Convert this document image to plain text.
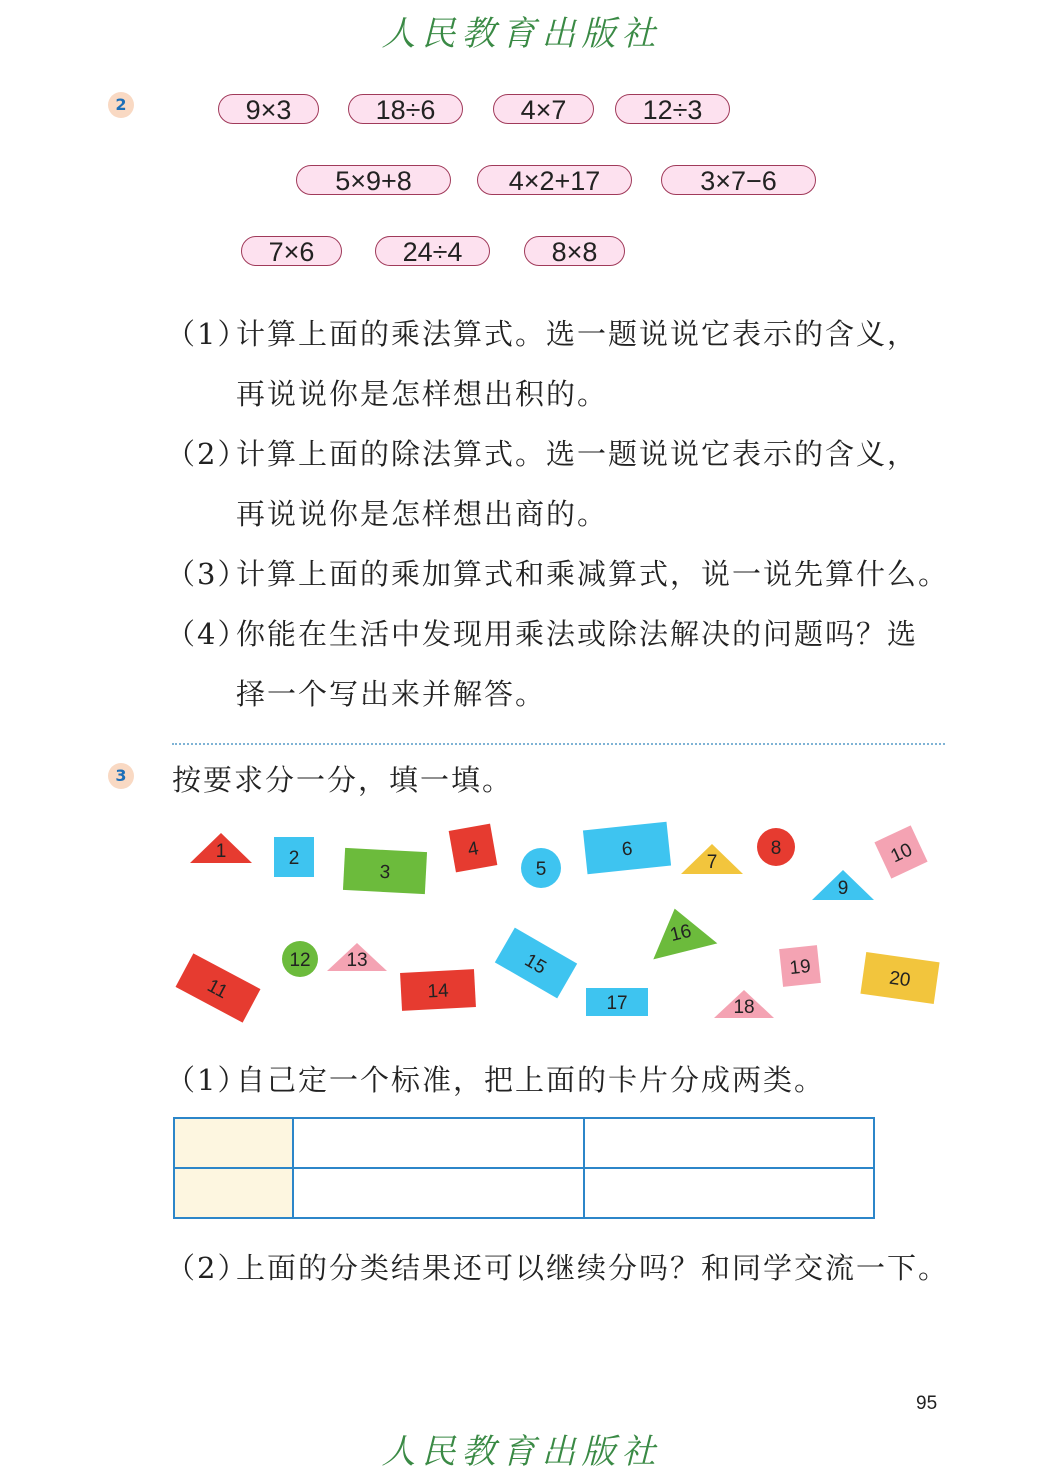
人民教育出版社
2	9×3	18÷6	4×7	12÷3
5×9+8	4×2+17	3×7−6
7×6	24÷4	8×8
（1）计算上面的乘法算式。选一题说说它表示的含义，
再说说你是怎样想出积的。
（2）计算上面的除法算式。选一题说说它表示的含义，
再说说你是怎样想出商的。
（3）计算上面的乘加算式和乘减算式，说一说先算什么。
（4）你能在生活中发现用乘法或除法解决的问题吗？选
择一个写出来并解答。
3 按要求分一分，填一填。
1	2
3
4
5
6
7
8
9
10
11
12 13
14
15
16
17	18
19
20
（1）自己定一个标准，把上面的卡片分成两类。

（2）上面的分类结果还可以继续分吗？和同学交流一下。
95
人民教育出版社
